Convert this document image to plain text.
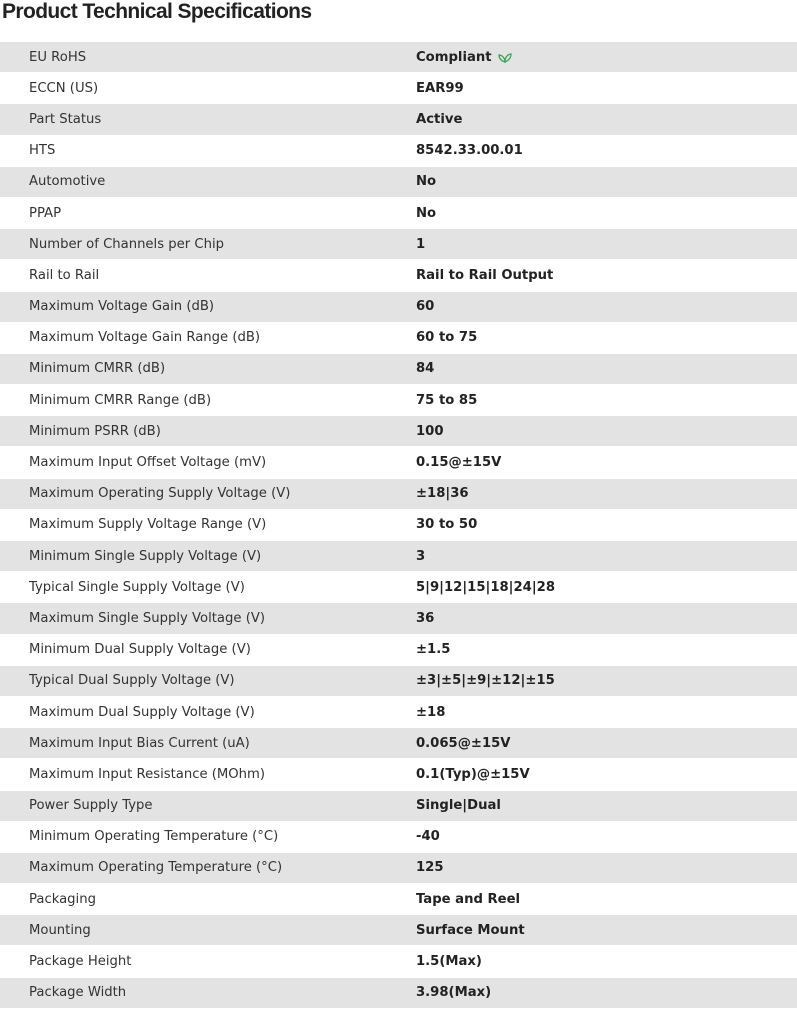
Product Technical Specifications
EU RoHS	Compliant
ECCN (US)	EAR99
Part Status	Active
HTS	8542.33.00.01
Automotive	No
PPAP	No
Number of Channels per Chip	1
Rail to Rail	Rail to Rail Output
Maximum Voltage Gain (dB)	60
Maximum Voltage Gain Range (dB)	60 to 75
Minimum CMRR (dB)	84
Minimum CMRR Range (dB)	75 to 85
Minimum PSRR (dB)	100
Maximum Input Offset Voltage (mV)	0.15@±15V
Maximum Operating Supply Voltage (V)	±18|36
Maximum Supply Voltage Range (V)	30 to 50
Minimum Single Supply Voltage (V)	3
Typical Single Supply Voltage (V)	5|9|12|15|18|24|28
Maximum Single Supply Voltage (V)	36
Minimum Dual Supply Voltage (V)	±1.5
Typical Dual Supply Voltage (V)	±3|±5|±9|±12|±15
Maximum Dual Supply Voltage (V)	±18
Maximum Input Bias Current (uA)	0.065@±15V
Maximum Input Resistance (MOhm)	0.1(Typ)@±15V
Power Supply Type	Single|Dual
Minimum Operating Temperature (°C)	-40
Maximum Operating Temperature (°C)	125
Packaging	Tape and Reel
Mounting	Surface Mount
Package Height	1.5(Max)
Package Width	3.98(Max)
